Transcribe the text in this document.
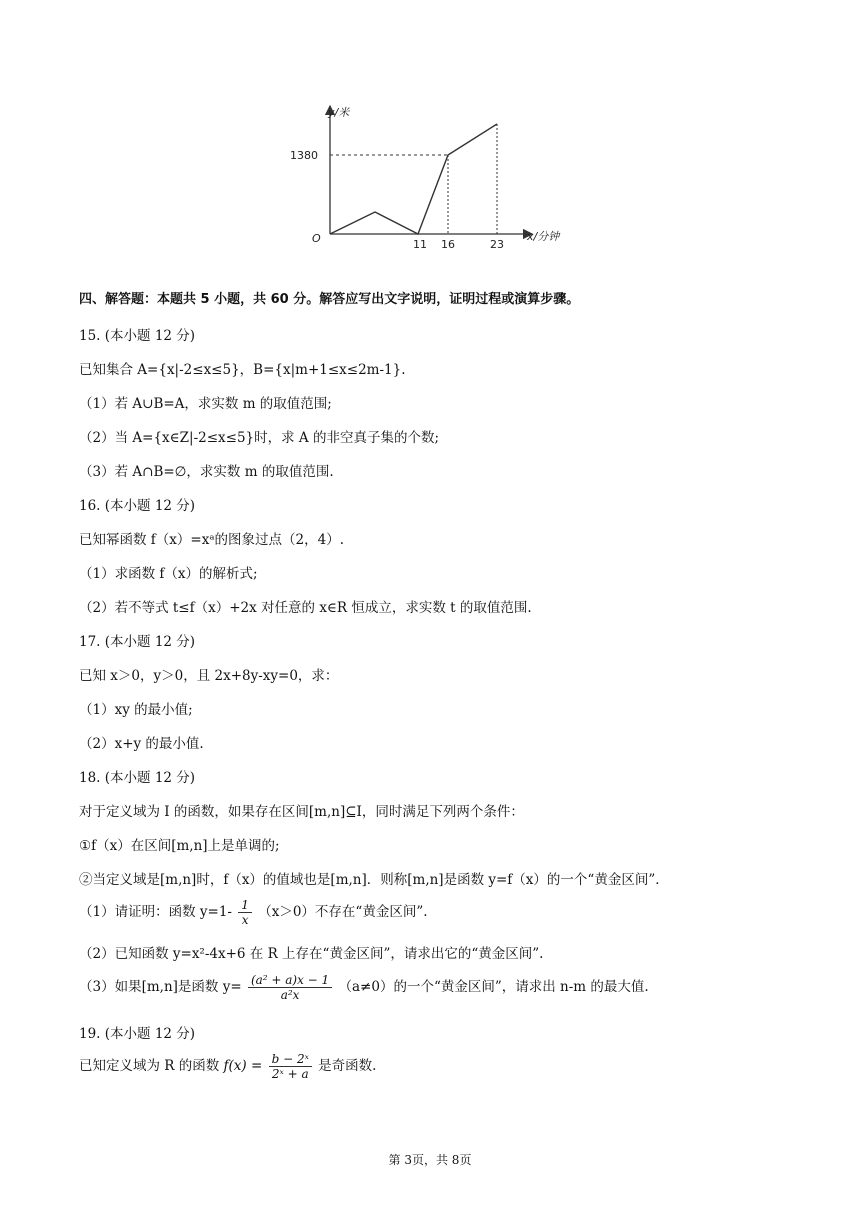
y/米
x/分钟
O
1380
11 16	23
四、解答题：本题共 5 小题，共 60 分。解答应写出文字说明，证明过程或演算步骤。
15. (本小题 12 分)
已知集合 A={x|-2≤x≤5}，B={x|m+1≤x≤2m-1}.
（1）若 A∪B=A，求实数 m 的取值范围;
（2）当 A={x∈Z|-2≤x≤5}时，求 A 的非空真子集的个数;
（3）若 A∩B=∅，求实数 m 的取值范围.
16. (本小题 12 分)
已知幂函数 f（x）=xᵃ的图象过点（2，4）.
（1）求函数 f（x）的解析式;
（2）若不等式 t≤f（x）+2x 对任意的 x∈R 恒成立，求实数 t 的取值范围.
17. (本小题 12 分)
已知 x＞0，y＞0，且 2x+8y-xy=0，求：
（1）xy 的最小值;
（2）x+y 的最小值.
18. (本小题 12 分)
对于定义域为 I 的函数，如果存在区间[m,n]⊆I，同时满足下列两个条件：
①f（x）在区间[m,n]上是单调的;
②当定义域是[m,n]时，f（x）的值域也是[m,n]．则称[m,n]是函数 y=f（x）的一个“黄金区间”．
（1）请证明：函数 $y=1- \frac{1}{x} (x>0)$不存在“黄金区间”.
（2）已知函数 y=x²-4x+6 在 R 上存在“黄金区间”，请求出它的“黄金区间”.
（3）如果[m,n]是函数 $y= \frac{\text{(a² + a)x − 1}}{\text{a²x}} (a\ne 0)$的一个“黄金区间”，请求出 n-m 的最大值.
19. (本小题 12 分)
已知定义域为 R 的函数 $f(x) = \frac{\text{b − 2ˣ}}{\text{2ˣ + a}}$ 是奇函数.
第 3页，共 8页
